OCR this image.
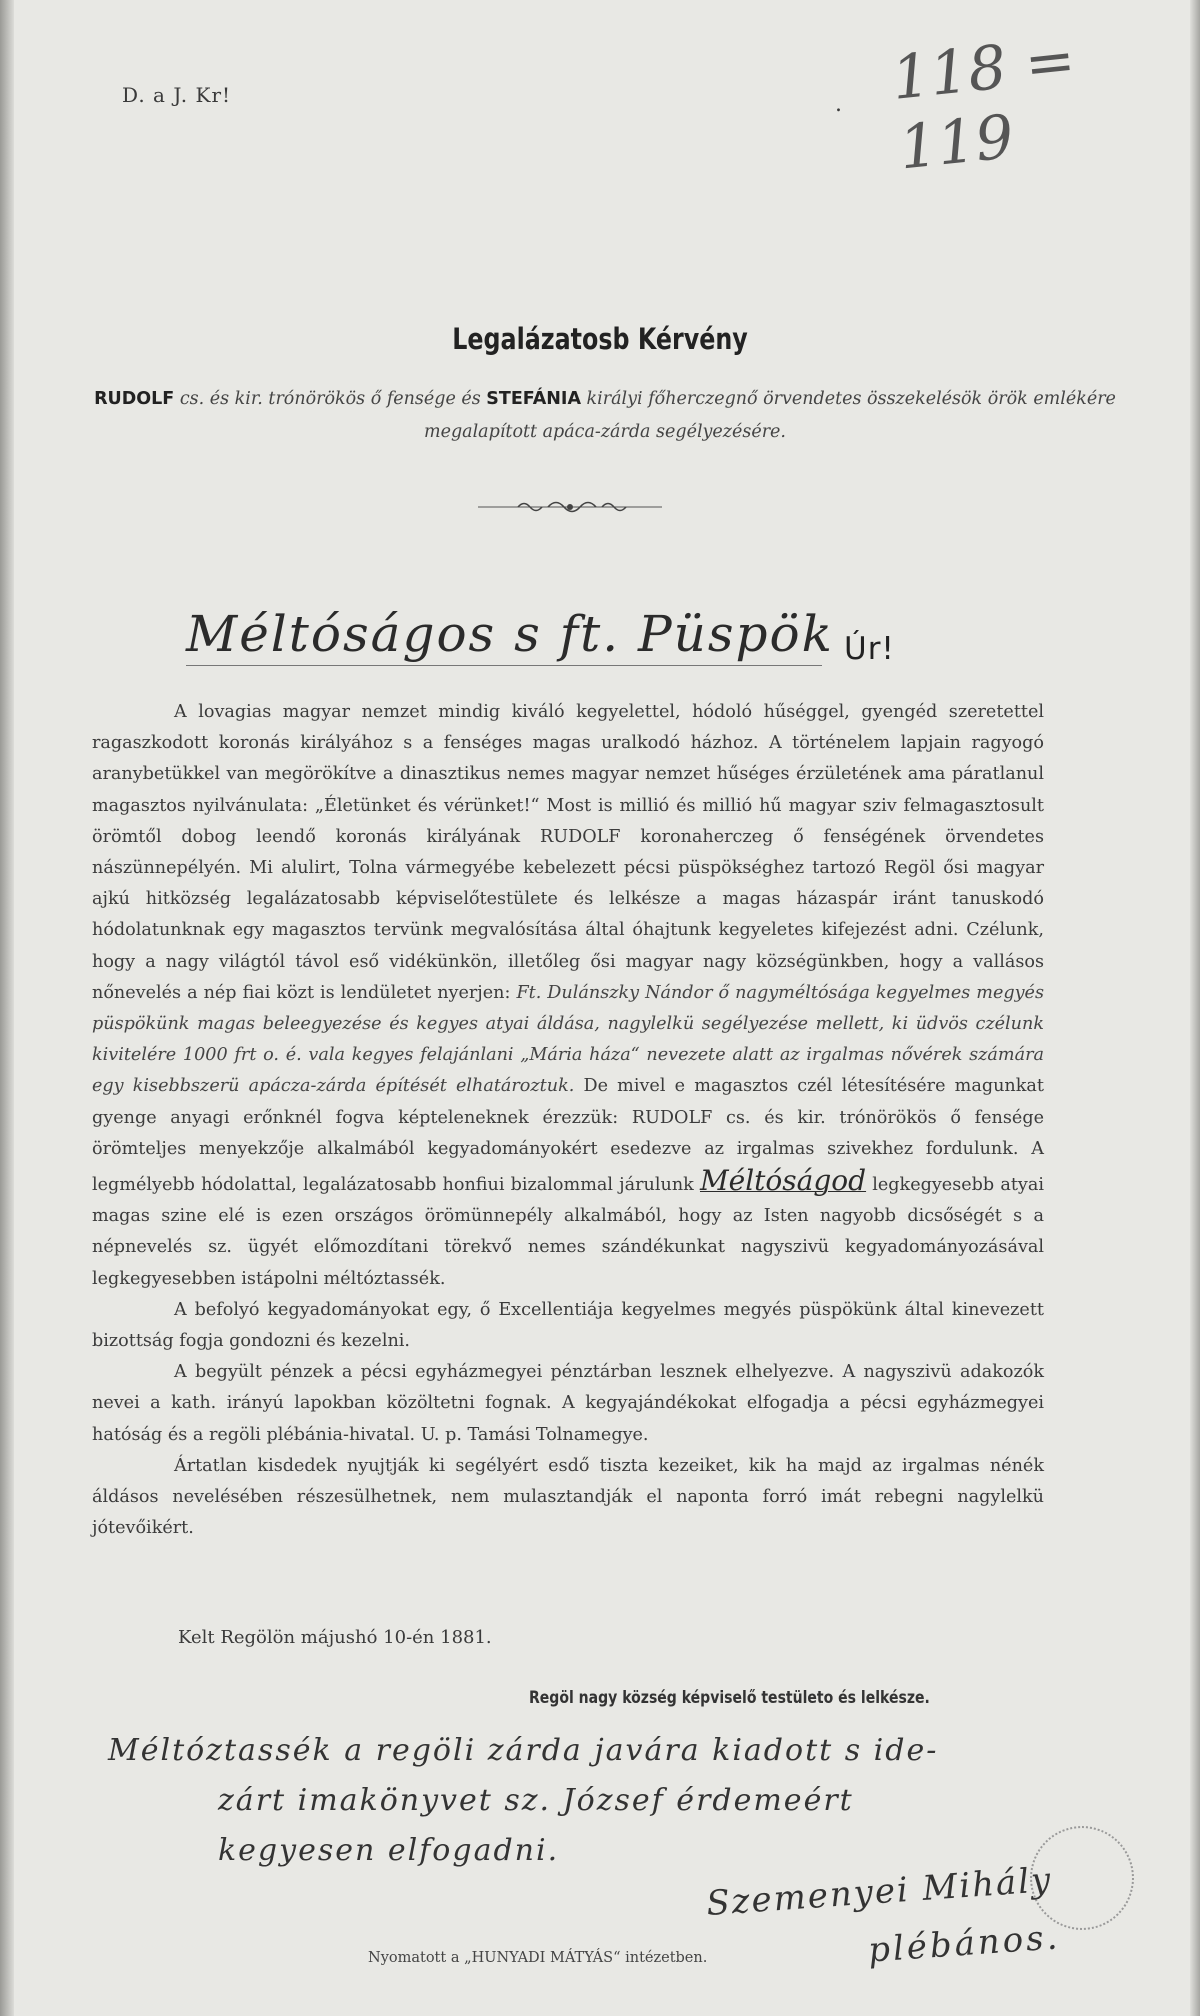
D. a J. Kr!	. 118 = 119
Legalázatosb Kérvény
RUDOLF cs. és kir. trónörökös ő fensége és STEFÁNIA királyi főherczegnő örvendetes összekelésök örök emlékére megalapított apáca-zárda segélyezésére.
Méltóságos s ft. Püspök Úr!

A lovagias magyar nemzet mindig kiváló kegyelettel, hódoló hűséggel, gyengéd szeretettel ragaszkodott koronás királyához s a fenséges magas uralkodó házhoz. A történelem lapjain ragyogó aranybetükkel van megörökítve a dinasztikus nemes magyar nemzet hűséges érzületének ama páratlanul magasztos nyilvánulata: „Életünket és vérünket!“ Most is millió és millió hű magyar sziv felmagasztosult örömtől dobog leendő koronás királyának RUDOLF koronaherczeg ő fenségének örvendetes nászünnepélyén. Mi alulirt, Tolna vármegyébe kebelezett pécsi püspökséghez tartozó Regöl ősi magyar ajkú hitközség legalázatosabb képviselőtestülete és lelkésze a magas házaspár iránt tanuskodó hódolatunknak egy magasztos tervünk megvalósítása által óhajtunk kegyeletes kifejezést adni. Czélunk, hogy a nagy világtól távol eső vidékünkön, illetőleg ősi magyar nagy községünkben, hogy a vallásos nőnevelés a nép fiai közt is lendületet nyerjen: Ft. Dulánszky Nándor ő nagyméltósága kegyelmes megyés püspökünk magas beleegyezése és kegyes atyai áldása, nagylelkü segélyezése mellett, ki üdvös czélunk kivitelére 1000 frt o. é. vala kegyes felajánlani „Mária háza“ nevezete alatt az irgalmas nővérek számára egy kisebbszerü apácza-zárda építését elhatároztuk. De mivel e magasztos czél létesítésére magunkat gyenge anyagi erőnknél fogva képteleneknek érezzük: RUDOLF cs. és kir. trónörökös ő fensége örömteljes menyekzője alkalmából kegyadományokért esedezve az irgalmas szivekhez fordulunk. A legmélyebb hódolattal, legalázatosabb honfiui bizalommal járulunk Méltóságod legkegyesebb atyai magas szine elé is ezen országos örömünnepély alkalmából, hogy az Isten nagyobb dicsőségét s a népnevelés sz. ügyét előmozdítani törekvő nemes szándékunkat nagyszivü kegyadományozásával legkegyesebben istápolni méltóztassék.

A befolyó kegyadományokat egy, ő Excellentiája kegyelmes megyés püspökünk által kinevezett bizottság fogja gondozni és kezelni.

A begyült pénzek a pécsi egyházmegyei pénztárban lesznek elhelyezve. A nagyszivü adakozók nevei a kath. irányú lapokban közöltetni fognak. A kegyajándékokat elfogadja a pécsi egyházmegyei hatóság és a regöli plébánia-hivatal. U. p. Tamási Tolnamegye.

Ártatlan kisdedek nyujtják ki segélyért esdő tiszta kezeiket, kik ha majd az irgalmas nénék áldásos nevelésében részesülhetnek, nem mulasztandják el naponta forró imát rebegni nagylelkü jótevőikért.

Kelt Regölön májushó 10-én 1881.
Regöl nagy község képviselő testületo és lelkésze.
Méltóztassék a regöli zárda javára kiadott s ide-
zárt imakönyvet sz. József érdemeért
kegyesen elfogadni.
Szemenyei Mihály
plébános.
Nyomatott a „HUNYADI MÁTYÁS“ intézetben.
